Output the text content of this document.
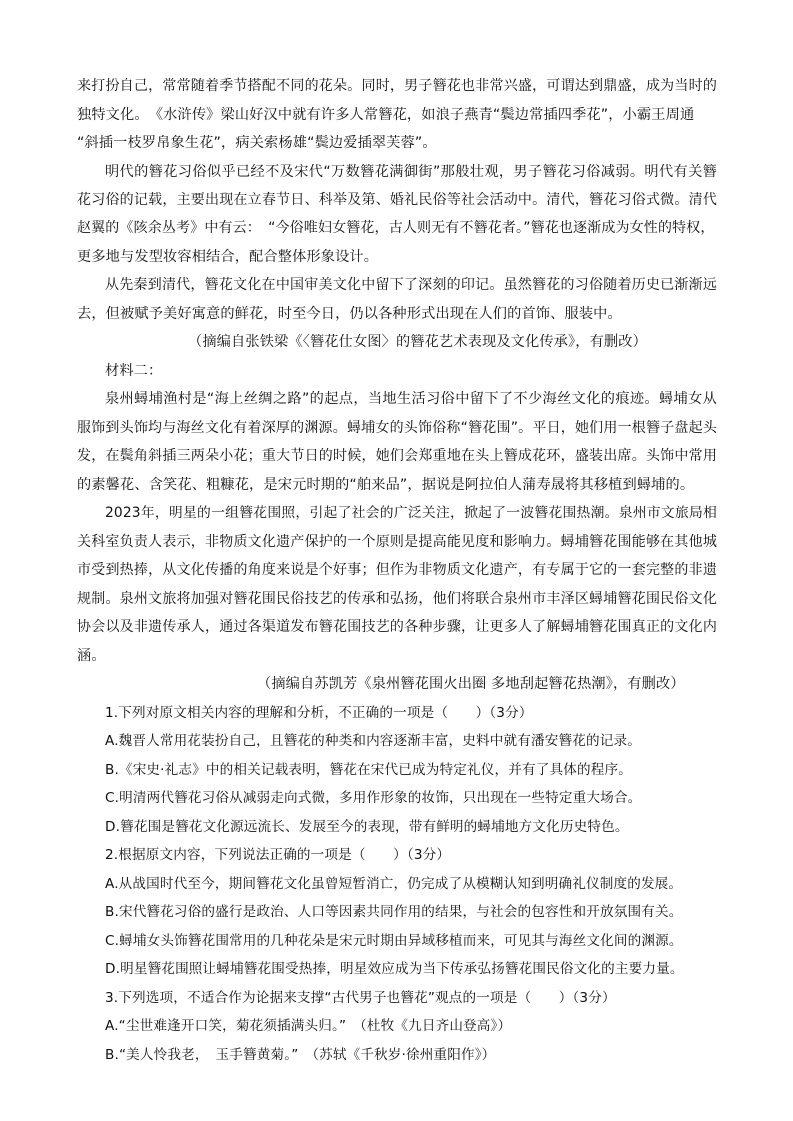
来打扮自己，常常随着季节搭配不同的花朵。同时，男子簪花也非常兴盛，可谓达到鼎盛，成为当时的
独特文化。　《水浒传》梁山好汉中就有许多人常簪花，如浪子燕青“鬓边常插四季花”，小霸王周通
“斜插一枝罗帛象生花”，病关索杨雄“鬓边爱插翠芙蓉”。
明代的簪花习俗似乎已经不及宋代“万数簪花满御街”那般壮观，男子簪花习俗减弱。明代有关簪
花习俗的记载，主要出现在立春节日、科举及第、婚礼民俗等社会活动中。清代，簪花习俗式微。清代
赵翼的《陔余丛考》中有云：　“今俗唯妇女簪花，古人则无有不簪花者。”簪花也逐渐成为女性的特权，
更多地与发型妆容相结合，配合整体形象设计。
从先秦到清代，簪花文化在中国审美文化中留下了深刻的印记。虽然簪花的习俗随着历史已渐渐远
去，但被赋予美好寓意的鲜花，时至今日，仍以各种形式出现在人们的首饰、服装中。
（摘编自张铁梁《〈簪花仕女图〉的簪花艺术表现及文化传承》，有删改）
材料二：
泉州蟳埔渔村是“海上丝绸之路”的起点，当地生活习俗中留下了不少海丝文化的痕迹。蟳埔女从
服饰到头饰均与海丝文化有着深厚的渊源。蟳埔女的头饰俗称“簪花围”。平日，她们用一根簪子盘起头
发，在鬓角斜插三两朵小花；重大节日的时候，她们会郑重地在头上簪成花环，盛装出席。头饰中常用
的素馨花、含笑花、粗糠花，是宋元时期的“舶来品”，据说是阿拉伯人蒲寿晟将其移植到蟳埔的。
2023年，明星的一组簪花围照，引起了社会的广泛关注，掀起了一波簪花围热潮。泉州市文旅局相
关科室负责人表示，非物质文化遗产保护的一个原则是提高能见度和影响力。蟳埔簪花围能够在其他城
市受到热捧，从文化传播的角度来说是个好事；但作为非物质文化遗产，有专属于它的一套完整的非遗
规制。泉州文旅将加强对簪花围民俗技艺的传承和弘扬，他们将联合泉州市丰泽区蟳埔簪花围民俗文化
协会以及非遗传承人，通过各渠道发布簪花围技艺的各种步骤，让更多人了解蟳埔簪花围真正的文化内
涵。
（摘编自苏凯芳《泉州簪花围火出圈 多地刮起簪花热潮》，有删改）
1.下列对原文相关内容的理解和分析，不正确的一项是（　　）（3分）
A.魏晋人常用花装扮自己，且簪花的种类和内容逐渐丰富，史料中就有潘安簪花的记录。
B.《宋史·礼志》中的相关记载表明，簪花在宋代已成为特定礼仪，并有了具体的程序。
C.明清两代簪花习俗从减弱走向式微，多用作形象的妆饰，只出现在一些特定重大场合。
D.簪花围是簪花文化源远流长、发展至今的表现，带有鲜明的蟳埔地方文化历史特色。
2.根据原文内容，下列说法正确的一项是（　　）（3分）
A.从战国时代至今，期间簪花文化虽曾短暂消亡，仍完成了从模糊认知到明确礼仪制度的发展。
B.宋代簪花习俗的盛行是政治、人口等因素共同作用的结果，与社会的包容性和开放氛围有关。
C.蟳埔女头饰簪花围常用的几种花朵是宋元时期由异域移植而来，可见其与海丝文化间的渊源。
D.明星簪花围照让蟳埔簪花围受热捧，明星效应成为当下传承弘扬簪花围民俗文化的主要力量。
3.下列选项，不适合作为论据来支撑“古代男子也簪花”观点的一项是（　　）（3分）
A.“尘世难逢开口笑，菊花须插满头归。”　（杜牧《九日齐山登高》）
B.“美人怜我老，　玉手簪黄菊。”　（苏轼《千秋岁·徐州重阳作》）
